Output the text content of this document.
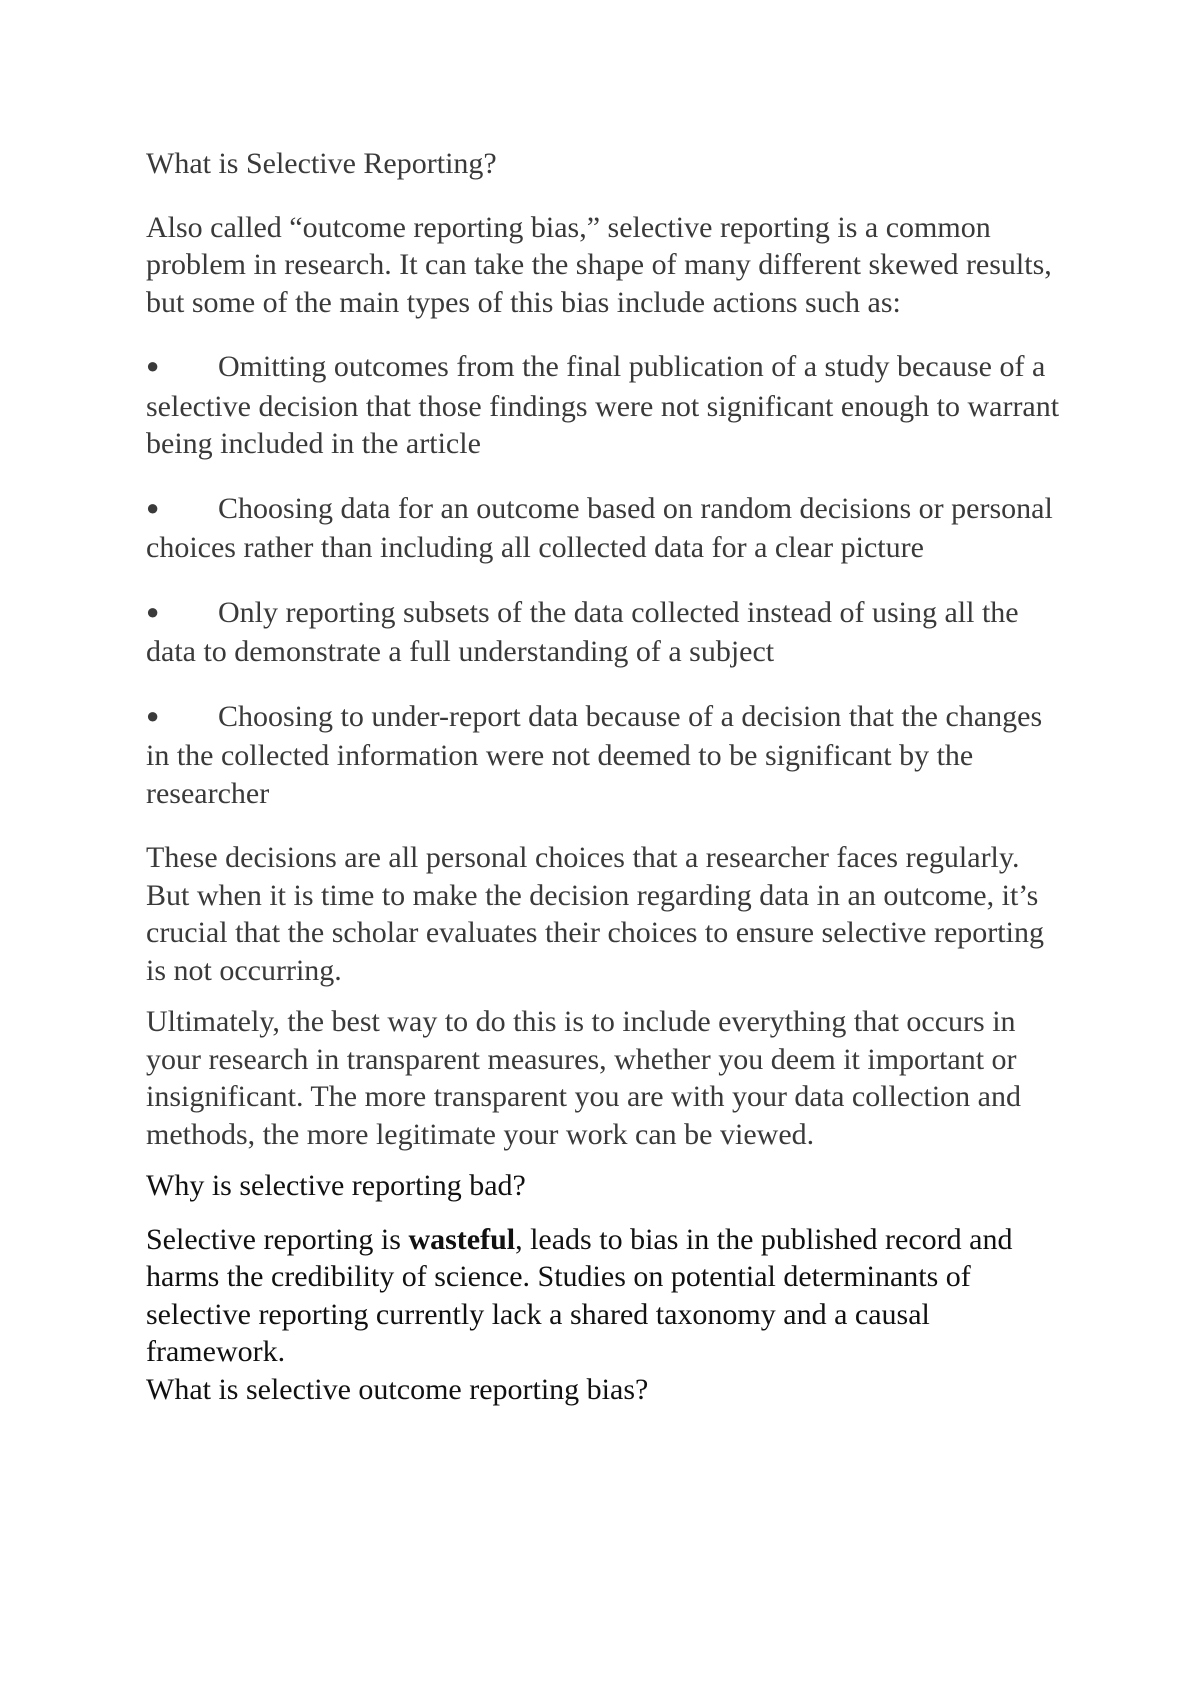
What is Selective Reporting?

Also called “outcome reporting bias,” selective reporting is a common problem in research. It can take the shape of many different skewed results, but some of the main types of this bias include actions such as:

● Omitting outcomes from the final publication of a study because of a selective decision that those findings were not significant enough to warrant being included in the article

● Choosing data for an outcome based on random decisions or personal choices rather than including all collected data for a clear picture

● Only reporting subsets of the data collected instead of using all the data to demonstrate a full understanding of a subject

● Choosing to under-report data because of a decision that the changes in the collected information were not deemed to be significant by the researcher

These decisions are all personal choices that a researcher faces regularly. But when it is time to make the decision regarding data in an outcome, it’s crucial that the scholar evaluates their choices to ensure selective reporting is not occurring.

Ultimately, the best way to do this is to include everything that occurs in your research in transparent measures, whether you deem it important or insignificant. The more transparent you are with your data collection and methods, the more legitimate your work can be viewed.

Why is selective reporting bad?

Selective reporting is wasteful, leads to bias in the published record and harms the credibility of science. Studies on potential determinants of selective reporting currently lack a shared taxonomy and a causal framework.

What is selective outcome reporting bias?
